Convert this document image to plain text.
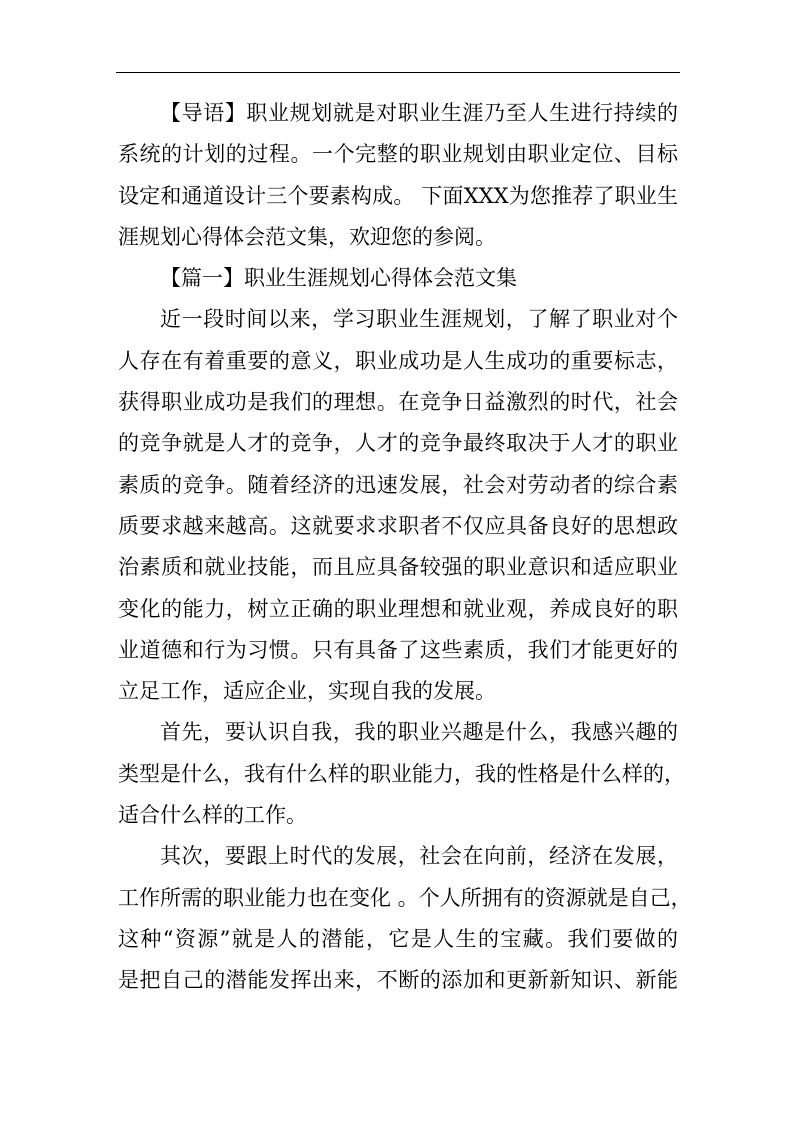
【导语】职业规划就是对职业生涯乃至人生进行持续的
系统的计划的过程。一个完整的职业规划由职业定位、目标
设定和通道设计三个要素构成。 下面XXX为您推荐了职业生
涯规划心得体会范文集，欢迎您的参阅。
【篇一】职业生涯规划心得体会范文集
近一段时间以来，学习职业生涯规划，了解了职业对个
人存在有着重要的意义，职业成功是人生成功的重要标志，
获得职业成功是我们的理想。在竞争日益激烈的时代，社会
的竞争就是人才的竞争，人才的竞争最终取决于人才的职业
素质的竞争。随着经济的迅速发展，社会对劳动者的综合素
质要求越来越高。这就要求求职者不仅应具备良好的思想政
治素质和就业技能，而且应具备较强的职业意识和适应职业
变化的能力，树立正确的职业理想和就业观，养成良好的职
业道德和行为习惯。只有具备了这些素质，我们才能更好的
立足工作，适应企业，实现自我的发展。
首先，要认识自我，我的职业兴趣是什么，我感兴趣的
类型是什么，我有什么样的职业能力，我的性格是什么样的，
适合什么样的工作。
其次，要跟上时代的发展，社会在向前，经济在发展，
工作所需的职业能力也在变化 。个人所拥有的资源就是自己，
这种“资源”就是人的潜能，它是人生的宝藏。我们要做的
是把自己的潜能发挥出来，不断的添加和更新新知识、新能
